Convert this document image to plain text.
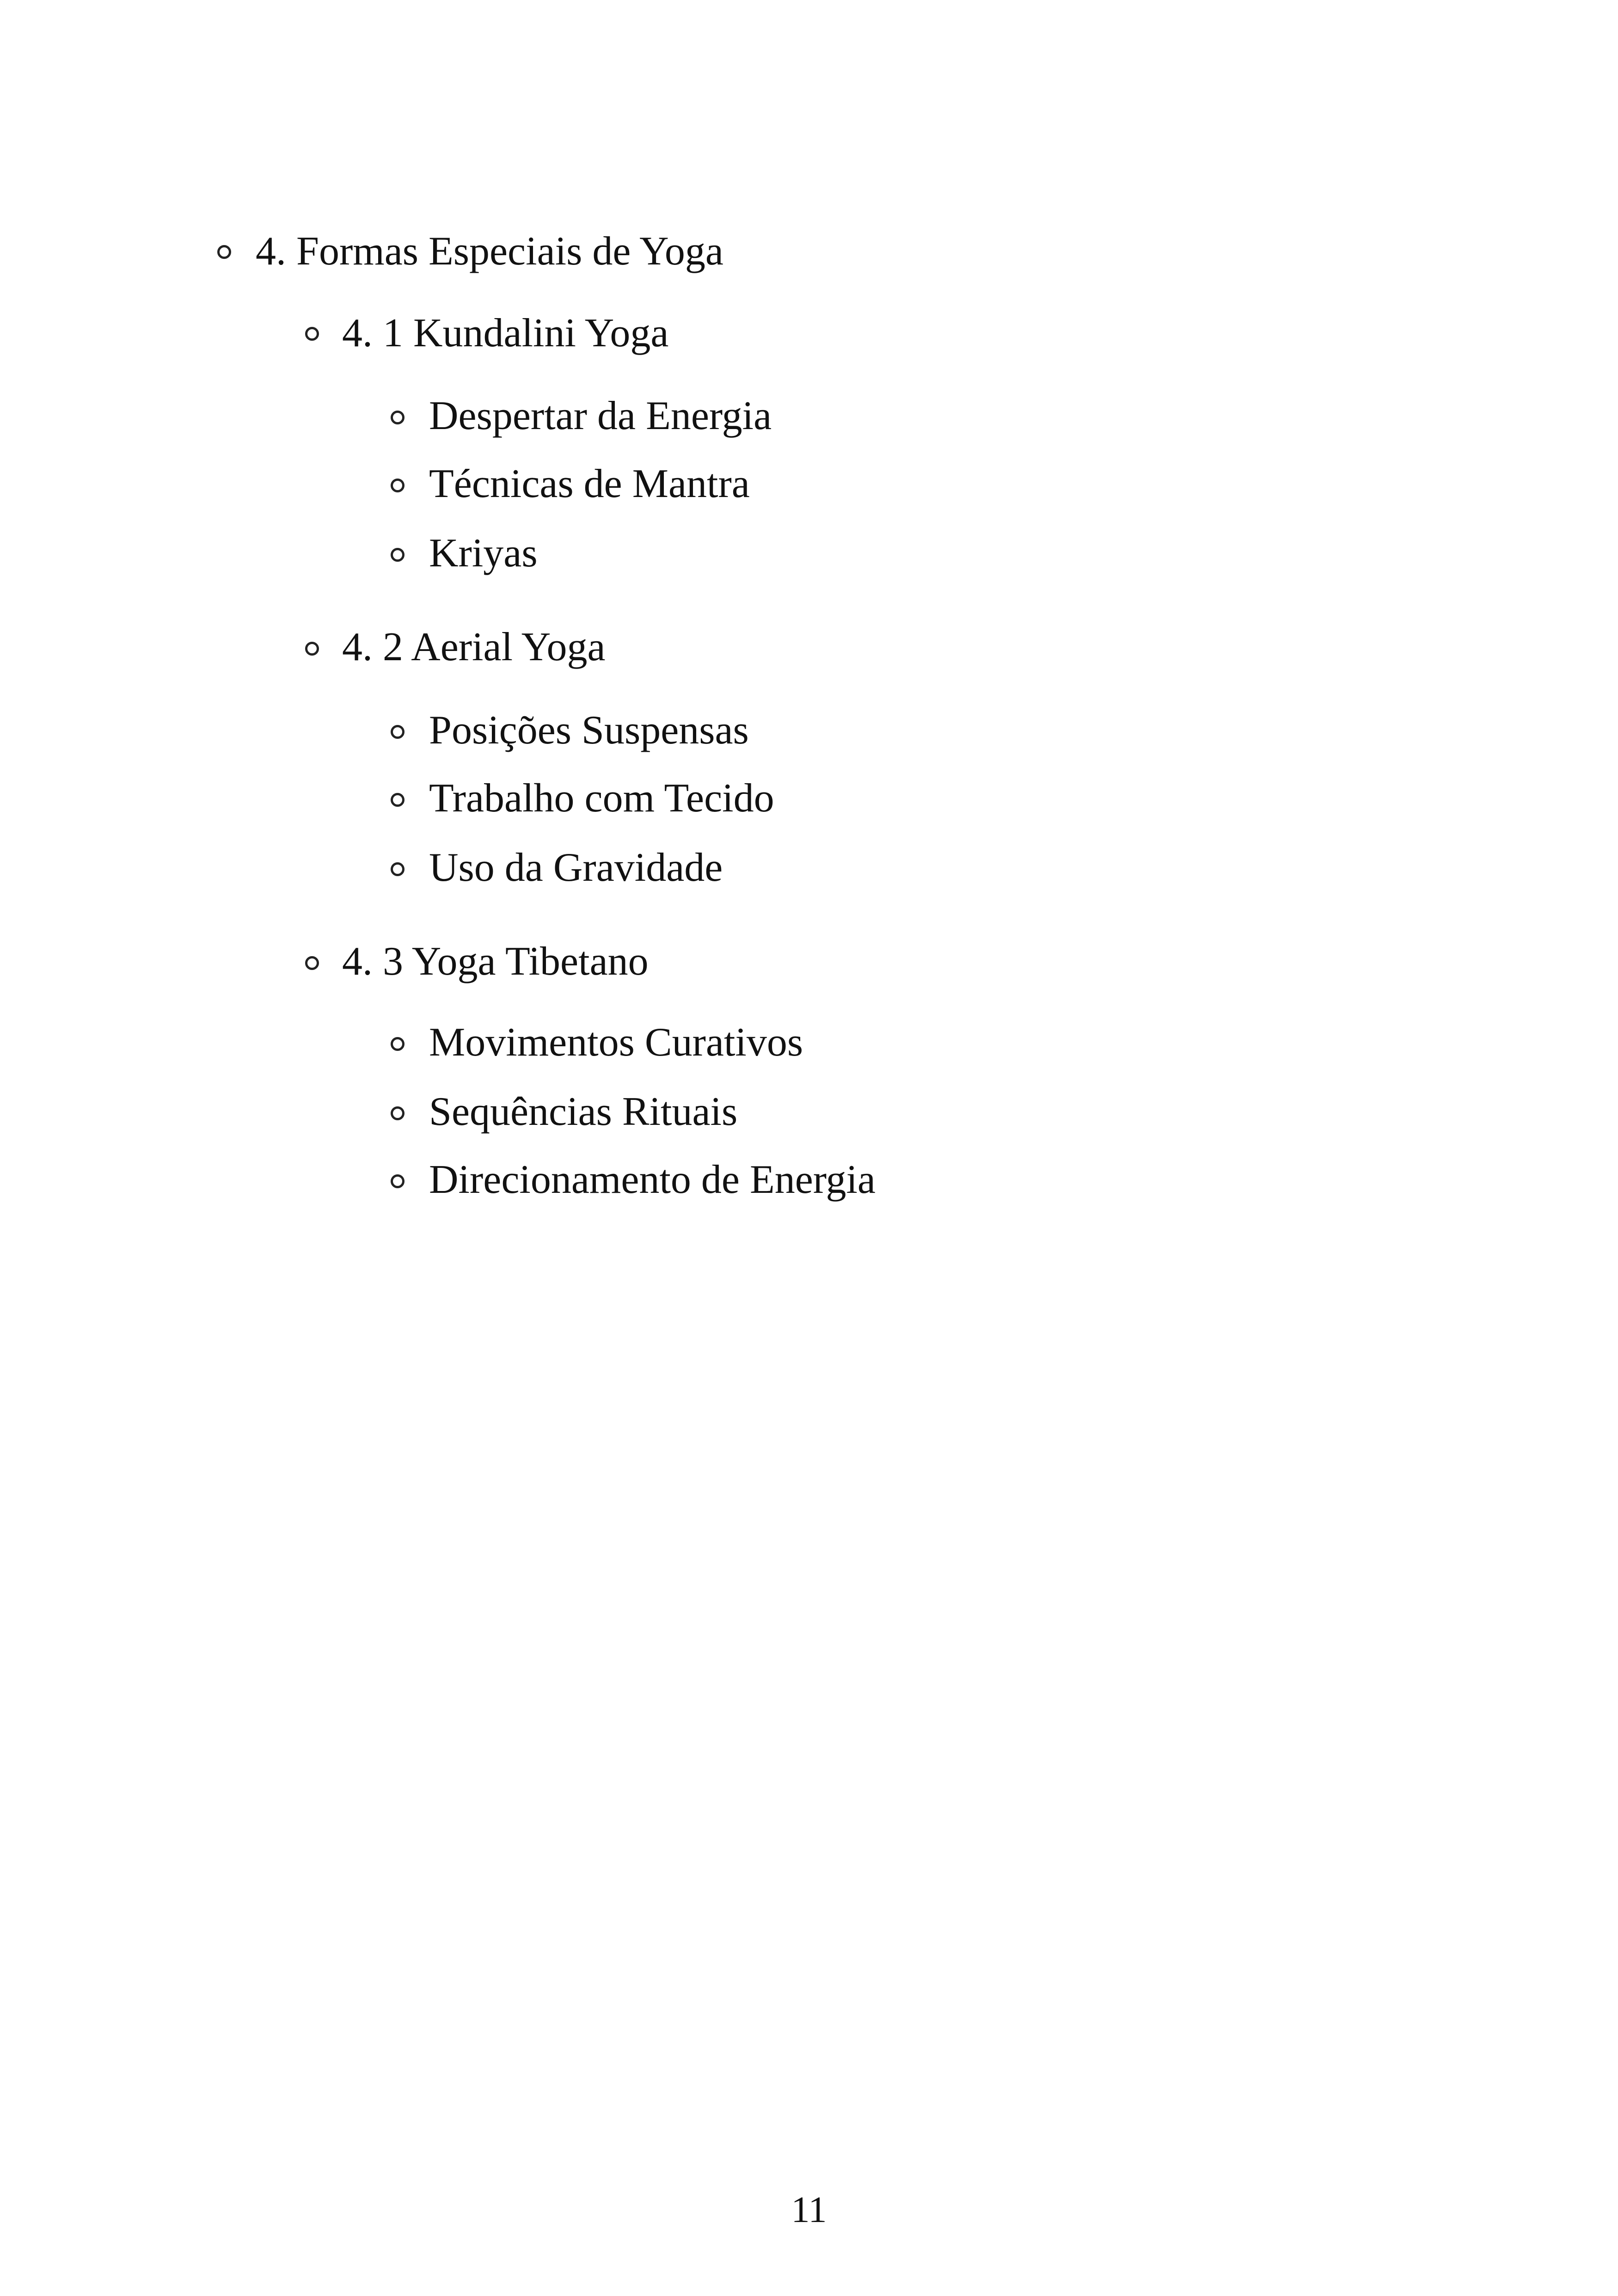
4. Formas Especiais de Yoga
4. 1 Kundalini Yoga
Despertar da Energia
Técnicas de Mantra
Kriyas
4. 2 Aerial Yoga
Posições Suspensas
Trabalho com Tecido
Uso da Gravidade
4. 3 Yoga Tibetano
Movimentos Curativos
Sequências Rituais
Direcionamento de Energia
11
